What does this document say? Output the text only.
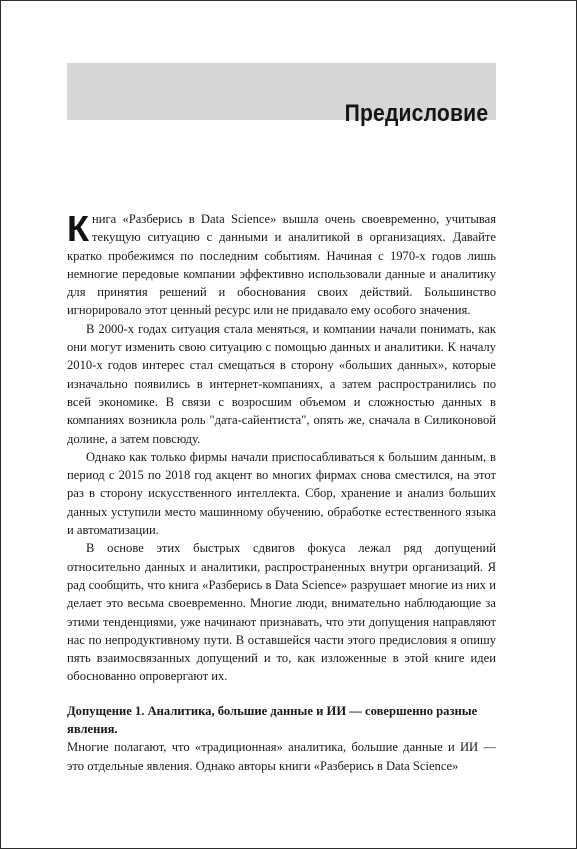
Предисловие

Книга «Разберись в Data Science» вышла очень своевременно, учитывая текущую ситуацию с данными и аналитикой в организациях. Давайте кратко пробежимся по последним событиям. Начиная с 1970-х годов лишь немногие передовые компании эффективно использовали данные и аналитику для принятия решений и обоснования своих действий. Большинство игнорировало этот ценный ресурс или не придавало ему особого значения.

В 2000-х годах ситуация стала меняться, и компании начали понимать, как они могут изменить свою ситуацию с помощью данных и аналитики. К началу 2010-х годов интерес стал смещаться в сторону «больших данных», которые изначально появились в интернет-компаниях, а затем распространились по всей экономике. В связи с возросшим объемом и сложностью данных в компаниях возникла роль "дата-сайентиста", опять же, сначала в Силиконовой долине, а затем повсюду.

Однако как только фирмы начали приспосабливаться к большим данным, в период с 2015 по 2018 год акцент во многих фирмах снова сместился, на этот раз в сторону искусственного интеллекта. Сбор, хранение и анализ больших данных уступили место машинному обучению, обработке естественного языка и автоматизации.

В основе этих быстрых сдвигов фокуса лежал ряд допущений относительно данных и аналитики, распространенных внутри организаций. Я рад сообщить, что книга «Разберись в Data Science» разрушает многие из них и делает это весьма своевременно. Многие люди, внимательно наблюдающие за этими тенденциями, уже начинают признавать, что эти допущения направляют нас по непродуктивному пути. В оставшейся части этого предисловия я опишу пять взаимосвязанных допущений и то, как изложенные в этой книге идеи обоснованно опровергают их.

Допущение 1. Аналитика, большие данные и ИИ — совершенно разные явления.

Многие полагают, что «традиционная» аналитика, большие данные и ИИ — это отдельные явления. Однако авторы книги «Разберись в Data Science»
